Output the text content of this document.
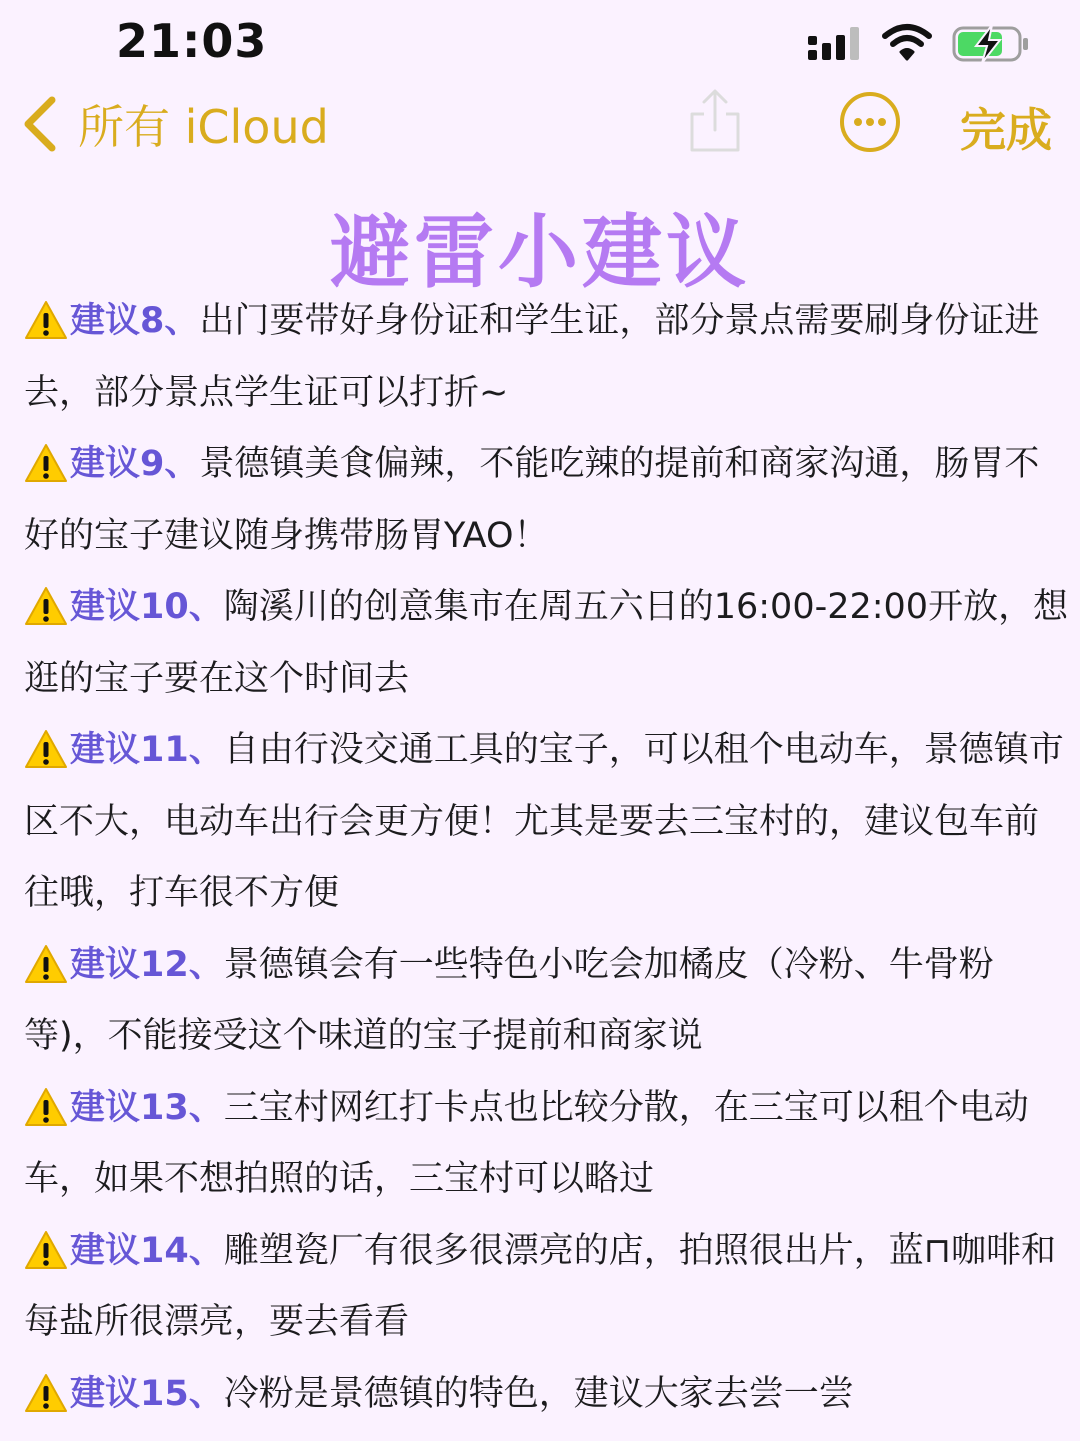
21:03
所有 iCloud	完成
避雷小建议

建议8、出门要带好身份证和学生证，部分景点需要刷身份证进去，部分景点学生证可以打折~

建议9、景德镇美食偏辣，不能吃辣的提前和商家沟通，肠胃不好的宝子建议随身携带肠胃YAO！

建议10、陶溪川的创意集市在周五六日的16:00-22:00开放，想逛的宝子要在这个时间去

建议11、自由行没交通工具的宝子，可以租个电动车，景德镇市区不大，电动车出行会更方便！尤其是要去三宝村的，建议包车前往哦，打车很不方便

建议12、景德镇会有一些特色小吃会加橘皮（冷粉、牛骨粉等)，不能接受这个味道的宝子提前和商家说

建议13、三宝村网红打卡点也比较分散，在三宝可以租个电动车，如果不想拍照的话，三宝村可以略过

建议14、雕塑瓷厂有很多很漂亮的店，拍照很出片，蓝⊓咖啡和每盐所很漂亮，要去看看

建议15、冷粉是景德镇的特色，建议大家去尝一尝
